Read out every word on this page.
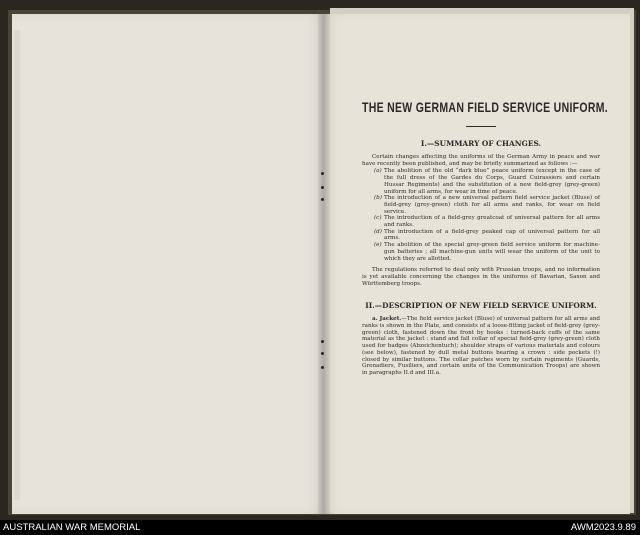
THE NEW GERMAN FIELD SERVICE UNIFORM.
I.—SUMMARY OF CHANGES.

Certain changes affecting the uniforms of the German Army in peace and war have recently been published, and may be briefly summarized as follows :—

(a) The abolition of the old “dark blue” peace uniform (except in the case of the full dress of the Gardes du Corps, Guard Cuirassiers and certain Hussar Regiments) and the substitution of a new field-grey (grey-green) uniform for all arms, for wear in time of peace.
(b) The introduction of a new universal pattern field service jacket (Bluse) of field-grey (grey-green) cloth for all arms and ranks, for wear on field service.
(c) The introduction of a field-grey greatcoat of universal pattern for all arms and ranks.
(d) The introduction of a field-grey peaked cap of universal pattern for all arms.
(e) The abolition of the special grey-green field service uniform for machine-gun batteries ; all machine-gun units will wear the uniform of the unit to which they are allotted.

The regulations referred to deal only with Prussian troops, and no information is yet available concerning the changes in the uniforms of Bavarian, Saxon and Württemberg troops.

II.—DESCRIPTION OF NEW FIELD SERVICE UNIFORM.

a. Jacket.—The field service jacket (Bluse) of universal pattern for all arms and ranks is shown in the Plate, and consists of a loose-fitting jacket of field-grey (grey-green) cloth, fastened down the front by hooks : turned-back cuffs of the same material as the jacket : stand and fall collar of special field-grey (grey-green) cloth used for badges (Abzeichentuch); shoulder straps of various materials and colours (see below), fastened by dull metal buttons bearing a crown : side pockets (!) closed by similar buttons. The collar patches worn by certain regiments (Guards, Grenadiers, Fusiliers, and certain units of the Communication Troops) are shown in paragraphs II.d and III.a.

AUSTRALIAN WAR MEMORIAL	AWM2023.9.89
